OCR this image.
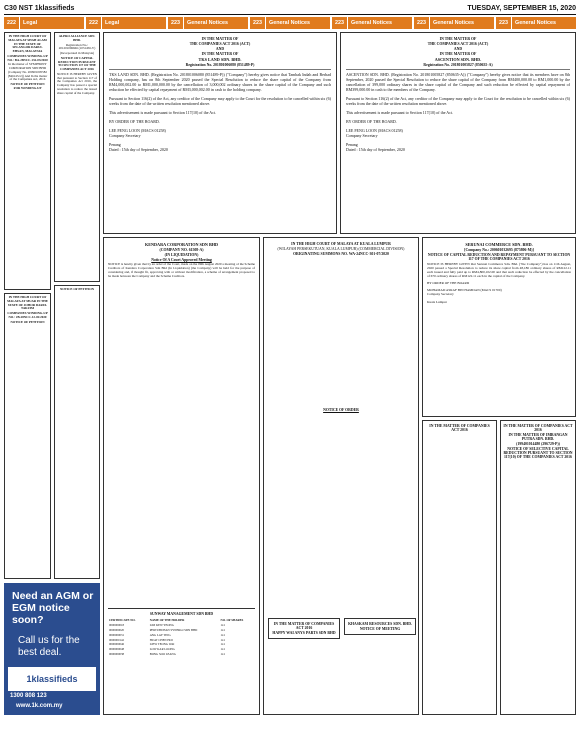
C30 NST 1klassifieds	TUESDAY, SEPTEMBER 15, 2020
222	Legal	222	Legal	223	General Notices	223	General Notices	223	General Notices	223	General Notices	223	General Notices

IN THE HIGH COURT OF MALAYA AT SHAH ALAM IN THE STATE OF SELANGOR DARUL EHSAN, MALAYSIA

COMPANIES WINDING-UP NO.: BA-28NCC-132-03/2020

In the matter of SYMPHONY CORPORATION SDN BHD (Company No. 200901005582 (846143-U)) And In the matter of the Companies Act, 2016

NOTICE OF PETITION FOR WINDING-UP

IN THE HIGH COURT OF MALAYA AT MUAR IN THE STATE OF JOHOR DARUL TAKZIM

COMPANIES WINDING-UP NO.: JB-28NCC-12-02/2020

NOTICE OF PETITION

ALPRO ALLIANCE SDN. BHD.

Registration No.: 201201006666 (1031456-V)

(Incorporated in Malaysia)

NOTICE OF CAPITAL REDUCTION PURSUANT TO SECTION 117 OF THE COMPANIES ACT 2016

NOTICE IS HEREBY GIVEN that pursuant to Section 117 of the Companies Act 2016, the Company has passed a special resolution to reduce the issued share capital of the Company.

NOTICE OF PETITION

Need an AGM or EGM notice soon?
Call us for the best deal.
1klassifieds
1300 808 123
www.1k.com.my

IN THE MATTER OF

THE COMPANIES ACT 2016 (ACT)

AND

IN THE MATTER OF

TKS LAND SDN. BHD.

Registration No. 201801006080 (851489-P)

TKS LAND SDN. BHD. (Registration No. 201801006080 (851489-P)) ("Company") hereby gives notice that Tambak Indah and Berhad Holding company, has on 8th September 2020 passed the Special Resolution to reduce the share capital of the Company from RM4,000,002.00 to RM1,000,000.00 by the cancellation of 3,000,002 ordinary shares in the share capital of the Company and such reduction be effected by capital repayment of RM3,000,002.00 in cash to the holding company.

Pursuant to Section 116(2) of the Act, any creditor of the Company may apply to the Court for the resolution to be cancelled within six (6) weeks from the date of the written resolution mentioned above.

This advertisement is made pursuant to Section 117(10) of the Act.

BY ORDER OF THE BOARD.

LEE FENG LOON (MACS 01258)

Company Secretary

Penang

Dated : 15th day of September, 2020

IN THE MATTER OF

THE COMPANIES ACT 2016 (ACT)

AND

IN THE MATTER OF

ASCENTION SDN. BHD.

Registration No. 201801005827 (850635-A)

ASCENTION SDN. BHD. (Registration No. 201801005827 (850635-A)) ("Company") hereby gives notice that its members have on 8th September, 2020 passed the Special Resolution to reduce the share capital of the Company from RM400,000.00 to RM1,000.00 by the cancellation of 399,000 ordinary shares in the share capital of the Company and such reduction be effected by capital repayment of RM399,000.00 in cash to the members of the Company.

Pursuant to Section 116(2) of the Act, any creditor of the Company may apply to the Court for the resolution to be cancelled within six (6) weeks from the date of the written resolution mentioned above.

This advertisement is made pursuant to Section 117(10) of the Act.

BY ORDER OF THE BOARD.

LEE FENG LOON (MACS 01258)

Company Secretary

Penang

Dated : 15th day of September, 2020

KENDARA CORPORATION SDN BHD

(COMPANY NO. 61508-A)

(IN LIQUIDATION)

Notice Of A Court Approved Meeting

NOTICE is hereby given that by an order of the Court, made on the 09th August 2020 a meeting of the Scheme Creditors of Kendara Corporation Sdn Bhd (In Liquidation) (the Company) will be held for the purpose of considering and, if thought fit, approving with or without modification, a scheme of arrangement proposed to be made between the Company and the Scheme Creditors.

SUNWAY MANAGEMENT SDN BHD

CERTIFICATE NO.	NAME OF THE HOLDER	NO. OF SHARES
0000000018	LIM KEW YEONG	1x1
0000000020	PERTUBUHAN SYNERGI SDN BHD	1x1
0000000031	ANG LAY TING	1x1
0000000142	HUAT CHEN HOI	1x1
0000000046	LIEW TEONG WAI	1x1
0000000048	LOW KAR LOONG	1x1
0000000038	BONG SOO LEANG	1x1

IN THE HIGH COURT OF MALAYA AT KUALA LUMPUR

(WILAYAH PERSEKUTUAN, KUALA LUMPUR) (COMMERCIAL DIVISION)

ORIGINATING SUMMONS NO. WA-24NCC-301-07/2020

NOTICE OF ORDER

IN THE MATTER OF COMPANIES ACT 2016

HAPPY WAI ANYS PARTS SDN BHD

KHASKAM RESOURCES SDN. BHD.

NOTICE OF MEETING

SERUNAI COMMERCE SDN. BHD.

[Company No.: 200601032695 (875806-M)]

NOTICE OF CAPITAL REDUCTION AND REPAYMENT PURSUANT TO SECTION 117 OF THE COMPANIES ACT 2016

NOTICE IS HEREBY GIVEN that Serunai Commerce Sdn. Bhd. ("the Company") has on 11th August, 2020 passed a Special Resolution to reduce its share capital from 48,186 ordinary shares of RM122.11 each issued and fully paid up to RM4,800,102.00 and that such reduction be effected by the cancellation of 670 ordinary shares of RM122.11 each in the capital of the Company.

BY ORDER OF THE BOARD

MOHAMAD ASRAF BIN HAMDAN (MACS 01700)

Company Secretary

Kuala Lumpur

IN THE MATTER OF COMPANIES ACT 2016

IN THE MATTER OF COMPANIES ACT 2016

IN THE MATTER OF IMBANGAN PUTRA SDN. BHD.

(199401014480 (296729-P))

NOTICE OF SELECTIVE CAPITAL REDUCTION PURSUANT TO SECTION 117(10) OF THE COMPANIES ACT 2016
